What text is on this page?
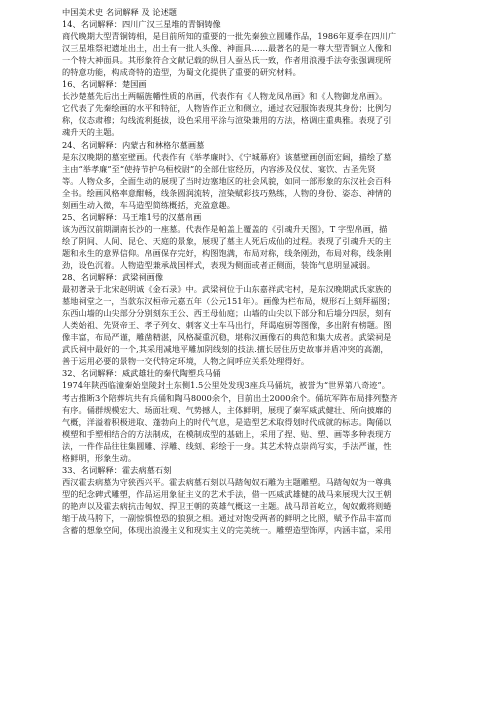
中国美术史 名词解释 及 论述题
14、名词解释：四川广汉三星堆的青铜铸像
商代晚期大型青铜铸相，是目前所知的重要的一批先秦独立圆雕作品，1986年夏季在四川广
汉三星堆祭祀遗址出土，出土有一批人头像、神面具……最著名的是一尊大型青铜立人像和
一个特大神面具。其形象符合文献记载的纵目人蚕丛氏一致，作者用浪漫手法夸张强调现所
的特意功能，构成奇特的造型，为蜀文化提供了重要的研究材料。
16、名词解释：楚国画
长沙楚墓先后出土两幅旌幡性质的帛画，代表作有《人物龙凤帛画》和《人物御龙帛画》。
它代表了先秦绘画的水平和特征，人物皆作正立和侧立，通过衣冠服饰表现其身份；比例匀
称，仪态肃穆；勾线流利挺拔，设色采用平涂与渲染兼用的方法，格调庄重典雅。表现了引
魂升天的主题。
24、名词解释：内蒙古和林格尔墓画墓
是东汉晚期的墓室壁画。代表作有《举孝廉时》、《宁城幕府》该墓壁画创面宏阔，描绘了墓
主由“举孝廉”至“使持节护乌桓校尉”的全部仕宦经历，内容涉及仪仗、宴饮、古圣先贤
等。人物众多，全面生动的展现了当时边塞地区的社会风貌，如同一部形象的东汉社会百科
全书。绘画风格率意酣畅，线条圆润流转，渲染赋彩技巧熟练，人物的身份、姿态、神情的
刻画生动入微，车马造型简练概括，充盈意趣。
25、名词解释：马王堆1号的汉墓帛画
该为西汉前期湖南长沙的一座墓。代表作是帕盖上覆盖的《引魂升天图》，T 字型帛画，描
绘了阴间、人间、昆仑、天庭的景象，展现了墓主人死后成仙的过程。表现了引魂升天的主
题和永生的意界信仰。帛画保存完好，构图饱满，布局对称，线条刚劲，布局对称，线条刚
劲，设色沉着。人物造型兼承战国样式，表现为侧面或者正侧面，装饰气息明显减弱。
28、名词解释：武梁祠画像
最初著录于北宋赵明诚《金石录》中。武梁祠位于山东嘉祥武宅村，是东汉晚期武氏家族的
墓地祠堂之一，当款东汉桓帝元嘉五年（公元151年）。画像为栏布局，规形石上刻拜福图；
东西山墙的山尖部分分别刻东王公、西王母仙庭；山墙的山尖以下部分和后墙分四层，刻有
人类始祖、先贤帝王、孝子列女、刺客义士车马出行，拜谒庖厨等图像，多出附有榜题。图
像丰富，布局严谨，雕凿精湛，风格凝重沉稳，堪称汉画像石的典范和集大成者。武梁祠是
武氏祠中最好的一个,其采用减地平雕加阴线刻的技法.擅长居住历史故事并盾冲突的高潮，
善于运用必要的景物一交代特定环境，人物之间呼应关系处理得好。
32、名词解释：威武雄壮的秦代陶塑兵马俑
1974年陕西临潼秦始皇陵封土东侧1.5公里处发现3座兵马俑坑，被誉为“世界第八奇迹”。
考古推断3个陪葬坑共有兵俑和陶马8000余个，目前出土2000余个。俑坑军阵布局排列整齐
有序。俑群规模宏大、场面壮观、气势撼人，主体鲜明，展现了秦军威武健壮、所向披靡的
气概，洋溢着积极进取、蓬勃向上的时代气息，是造型艺术取得划时代成就的标志。陶俑以
模塑和手塑相结合的方法制成，在模制成型的基础上，采用了捏、贴、塑、画等多种表现方
法，一件作品往往集圆雕、浮雕、线刻、彩绘于一身。其艺术特点崇尚写实，手法严谨，性
格鲜明，形象生动。
33、名词解释：霍去病墓石刻
西汉霍去病墓为守狭西兴平。霍去病墓石刻以马踏匈奴石雕为主题雕塑。马踏匈奴为一尊典
型的纪念碑式雕塑，作品运用象征主义的艺术手法，借一匹威武雄健的战马来展现大汉王朝
的艳声以及霍去病抗击匈奴、捍卫王朝的英雄气概这一主题。战马昂首屹立，匈奴戴将则蜷
缩于战马胯下，一副惊惧惶恐的狼狈之相。通过对饱受两者的鲜明之比照，赋予作品丰富而
含蓄的想象空间，体现出浪漫主义和现实主义的完美统一。雕塑造型饰厚，内涵丰富，采用
